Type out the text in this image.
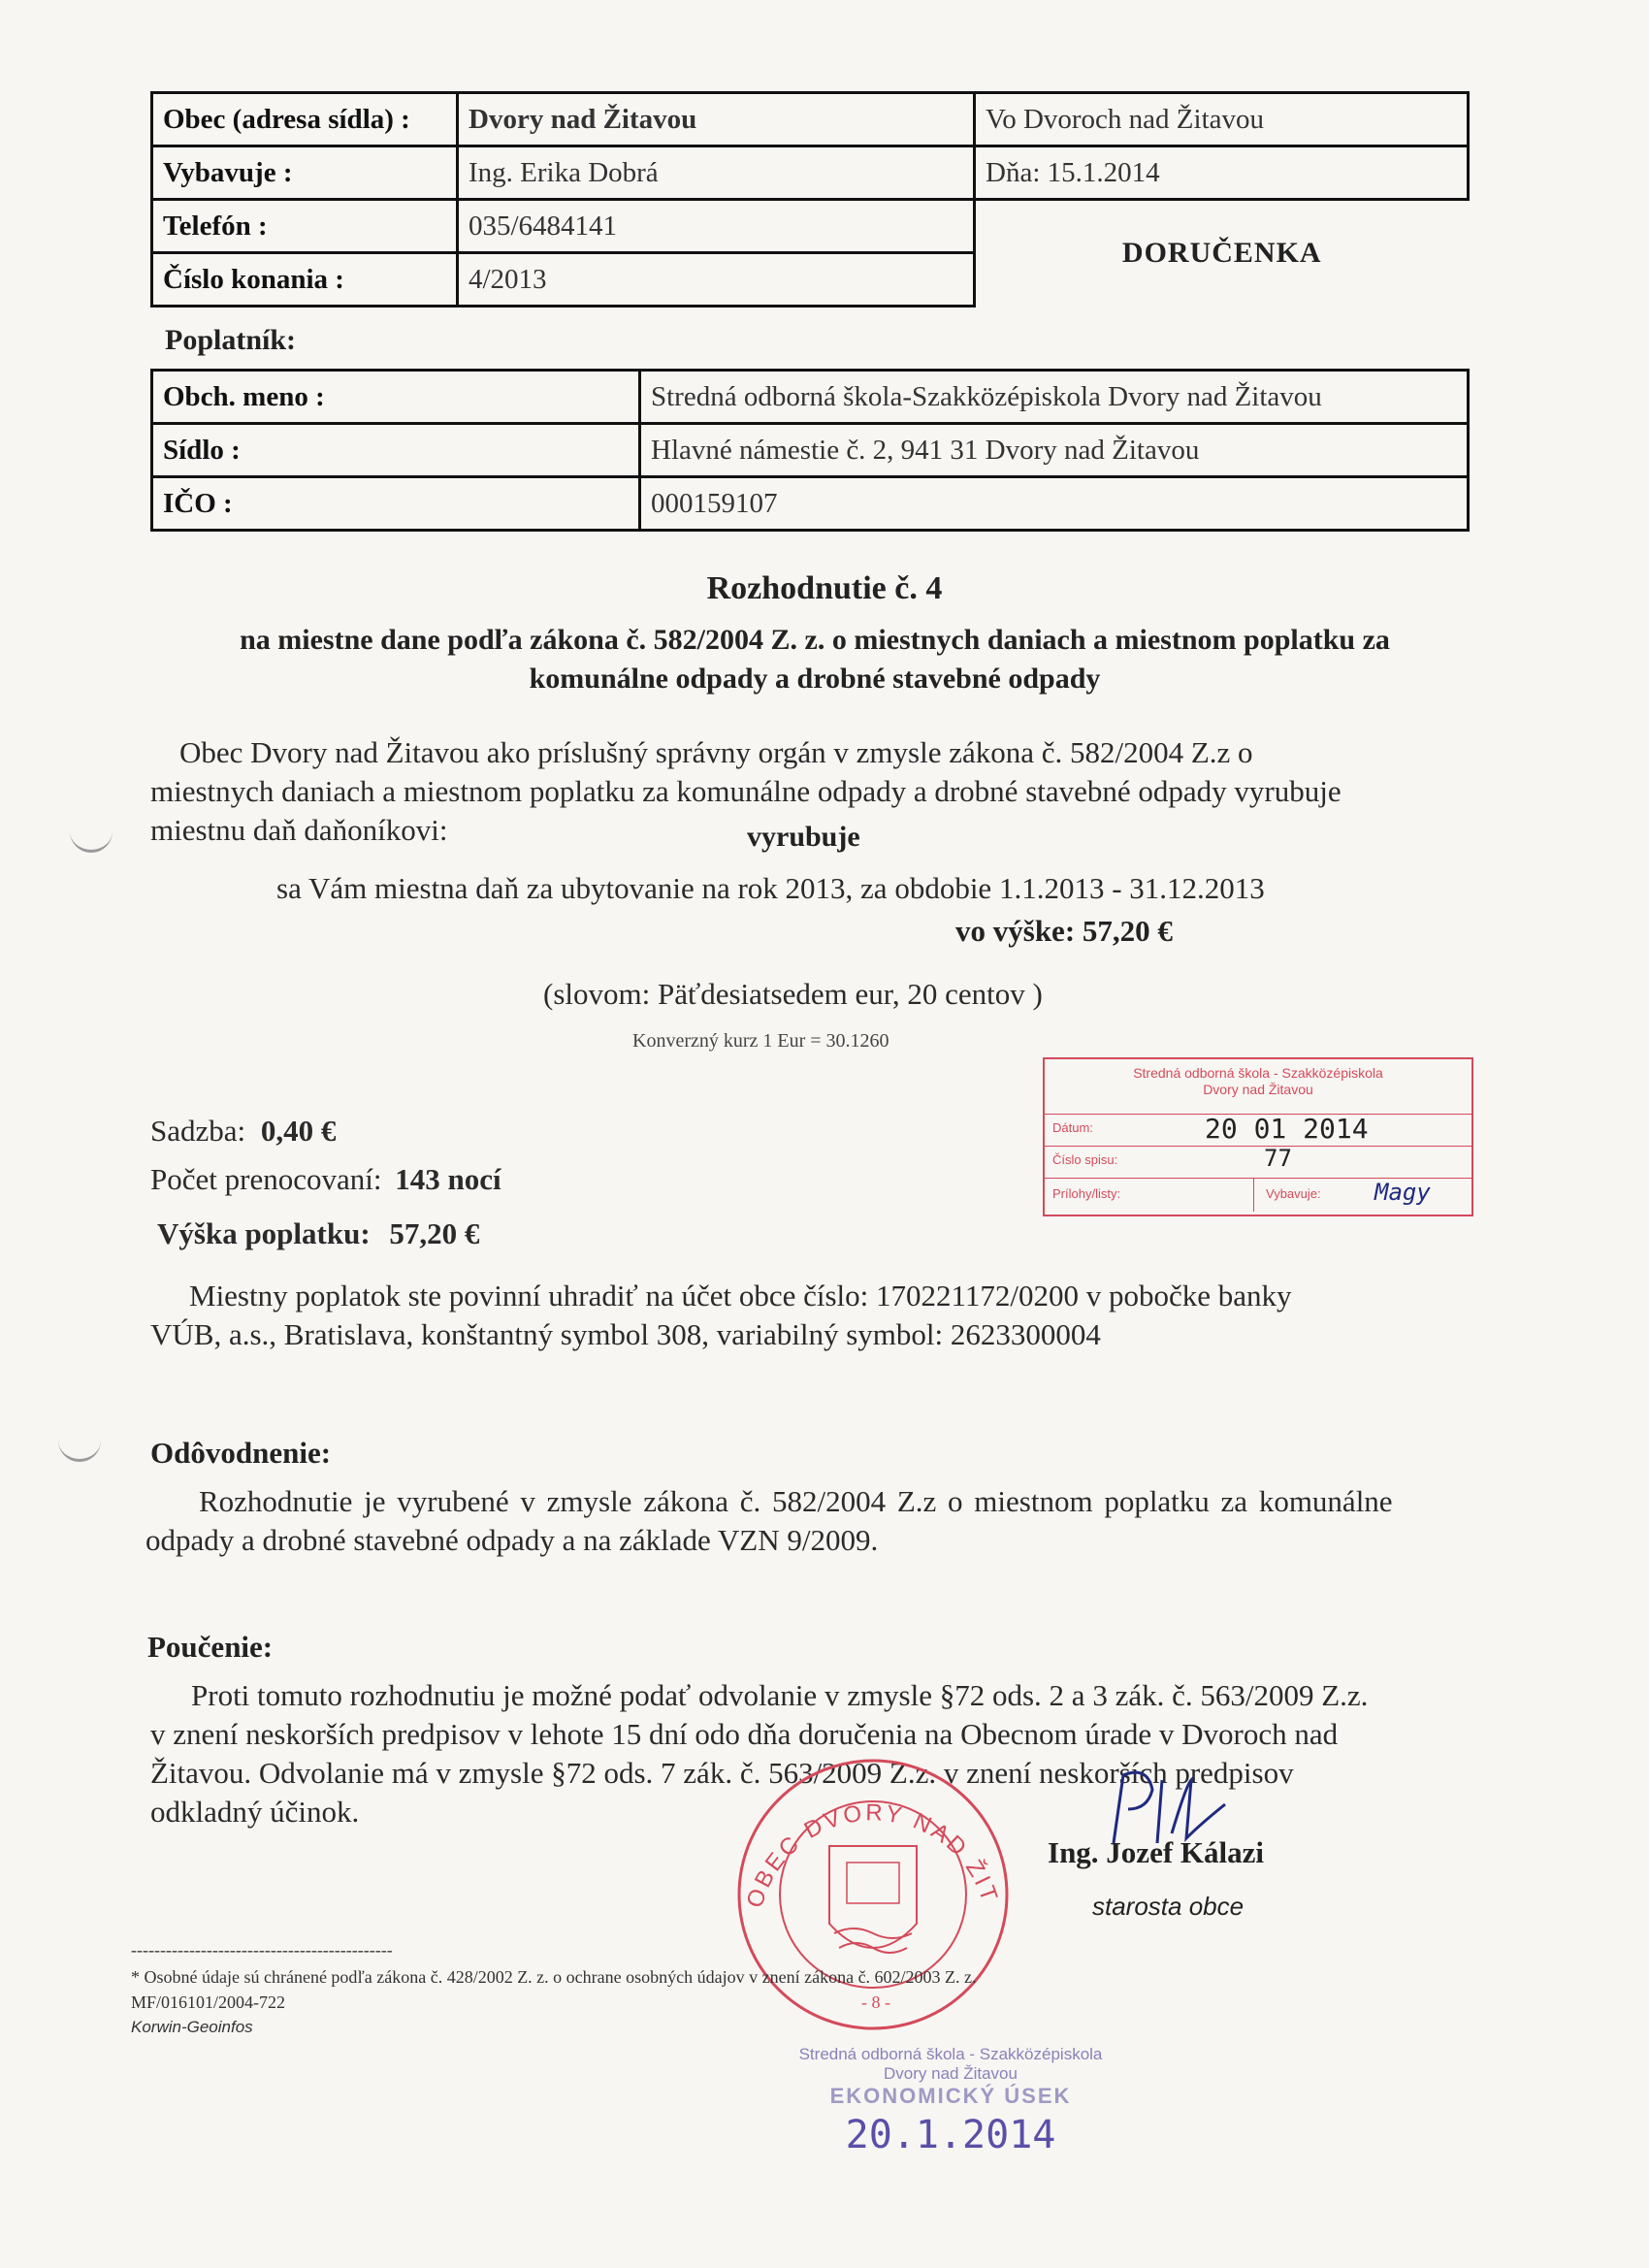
Obec (adresa sídla) :	Dvory nad Žitavou	Vo Dvoroch nad Žitavou
Vybavuje :	Ing. Erika Dobrá	Dňa: 15.1.2014
Telefón :	035/6484141	DORUČENKA
Číslo konania :	4/2013	
Poplatník:
Obch. meno :	Stredná odborná škola-Szakközépiskola Dvory nad Žitavou
Sídlo :	Hlavné námestie č. 2, 941 31 Dvory nad Žitavou
IČO :	000159107
Rozhodnutie č. 4
na miestne dane podľa zákona č. 582/2004 Z. z. o miestnych daniach a miestnom poplatku za
komunálne odpady a drobné stavebné odpady
Obec Dvory nad Žitavou ako príslušný správny orgán v zmysle zákona č. 582/2004 Z.z o
miestnych daniach a miestnom poplatku za komunálne odpady a drobné stavebné odpady vyrubuje
miestnu daň daňoníkovi:	vyrubuje
sa Vám miestna daň za ubytovanie na rok 2013, za obdobie 1.1.2013 - 31.12.2013
vo výške: 57,20 €
(slovom: Päťdesiatsedem eur, 20 centov )
Konverzný kurz 1 Eur = 30.1260
Stredná odborná škola - Szakközépiskola
Dvory nad Žitavou
Dátum:	20 01 2014
Číslo spisu:	77
Prílohy/listy:	Vybavuje: Magy
Sadzba: 0,40 €
Počet prenocovaní: 143 nocí
Výška poplatku: 57,20 €
Miestny poplatok ste povinní uhradiť na účet obce číslo: 170221172/0200 v pobočke banky
VÚB, a.s., Bratislava, konštantný symbol 308, variabilný symbol: 2623300004
Odôvodnenie:
Rozhodnutie je vyrubené v zmysle zákona č. 582/2004 Z.z o miestnom poplatku za komunálne
odpady a drobné stavebné odpady a na základe VZN 9/2009.
Poučenie:
Proti tomuto rozhodnutiu je možné podať odvolanie v zmysle §72 ods. 2 a 3 zák. č. 563/2009 Z.z.
v znení neskorších predpisov v lehote 15 dní odo dňa doručenia na Obecnom úrade v Dvoroch nad
Žitavou. Odvolanie má v zmysle §72 ods. 7 zák. č. 563/2009 Z.z. v znení neskorších predpisov
odkladný účinok.
OBEC DVORY NAD ŽIT
Ing. Jozef Kálazi
starosta obce
---------------------------------------------
* Osobné údaje sú chránené podľa zákona č. 428/2002 Z. z. o ochrane osobných údajov v znení zákona č. 602/2003 Z. z.
MF/016101/2004-722
Korwin-Geoinfos
- 8 -
Stredná odborná škola - Szakközépiskola
Dvory nad Žitavou
EKONOMICKÝ ÚSEK
20.1.2014
